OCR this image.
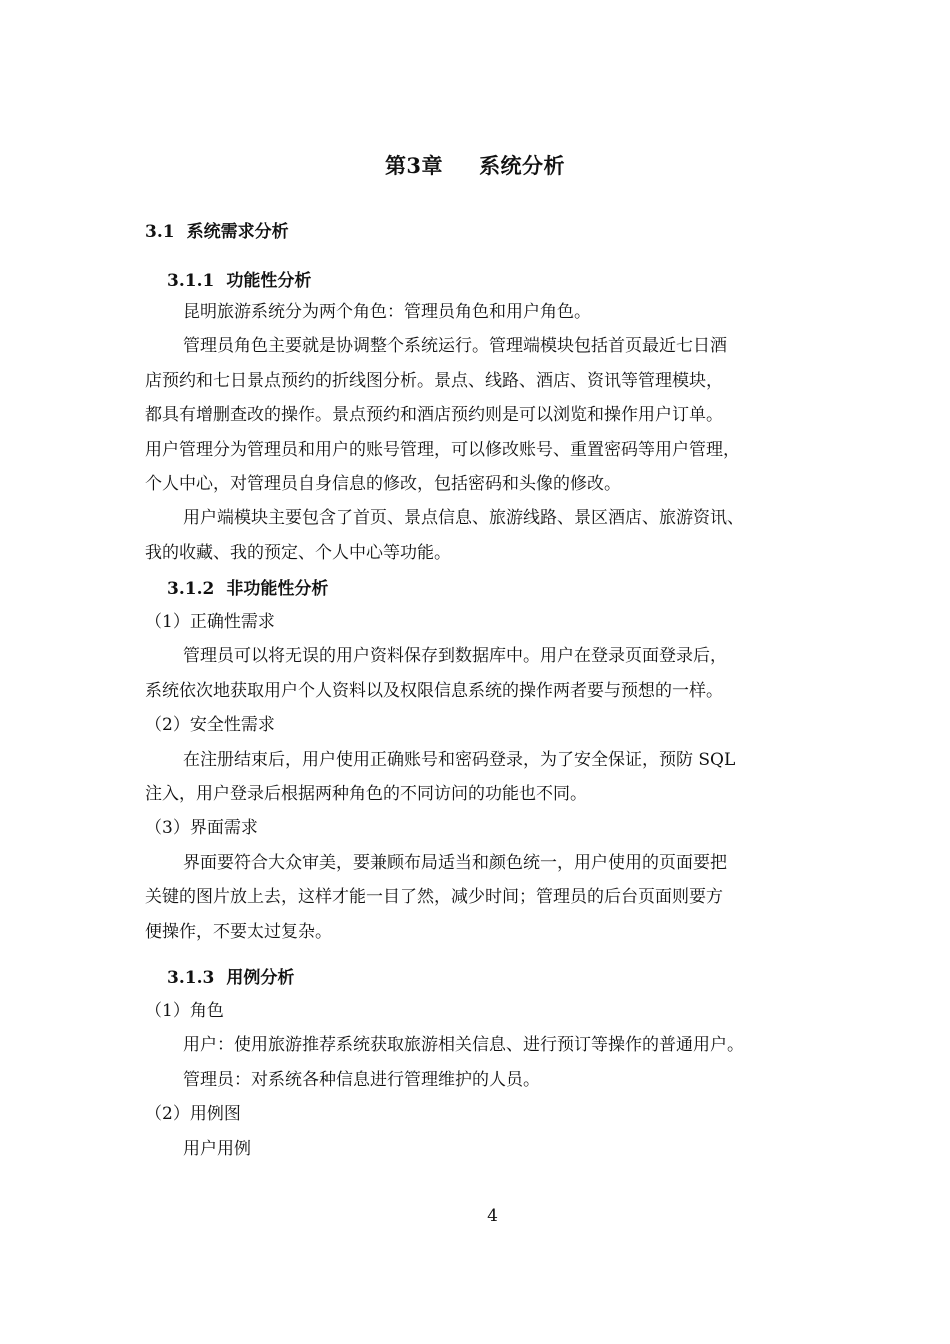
第3章 系统分析
3.1 系统需求分析
3.1.1 功能性分析

昆明旅游系统分为两个角色：管理员角色和用户角色。

管理员角色主要就是协调整个系统运行。管理端模块包括首页最近七日酒

店预约和七日景点预约的折线图分析。景点、线路、酒店、资讯等管理模块，

都具有增删查改的操作。景点预约和酒店预约则是可以浏览和操作用户订单。

用户管理分为管理员和用户的账号管理，可以修改账号、重置密码等用户管理，

个人中心，对管理员自身信息的修改，包括密码和头像的修改。

用户端模块主要包含了首页、景点信息、旅游线路、景区酒店、旅游资讯、

我的收藏、我的预定、个人中心等功能。

3.1.2 非功能性分析

（1）正确性需求

管理员可以将无误的用户资料保存到数据库中。用户在登录页面登录后，

系统依次地获取用户个人资料以及权限信息系统的操作两者要与预想的一样。

（2）安全性需求

在注册结束后，用户使用正确账号和密码登录，为了安全保证，预防 SQL

注入，用户登录后根据两种角色的不同访问的功能也不同。

（3）界面需求

界面要符合大众审美，要兼顾布局适当和颜色统一，用户使用的页面要把

关键的图片放上去，这样才能一目了然，减少时间；管理员的后台页面则要方

便操作，不要太过复杂。

3.1.3 用例分析

（1）角色

用户：使用旅游推荐系统获取旅游相关信息、进行预订等操作的普通用户。

管理员：对系统各种信息进行管理维护的人员。

（2）用例图

用户用例

4
